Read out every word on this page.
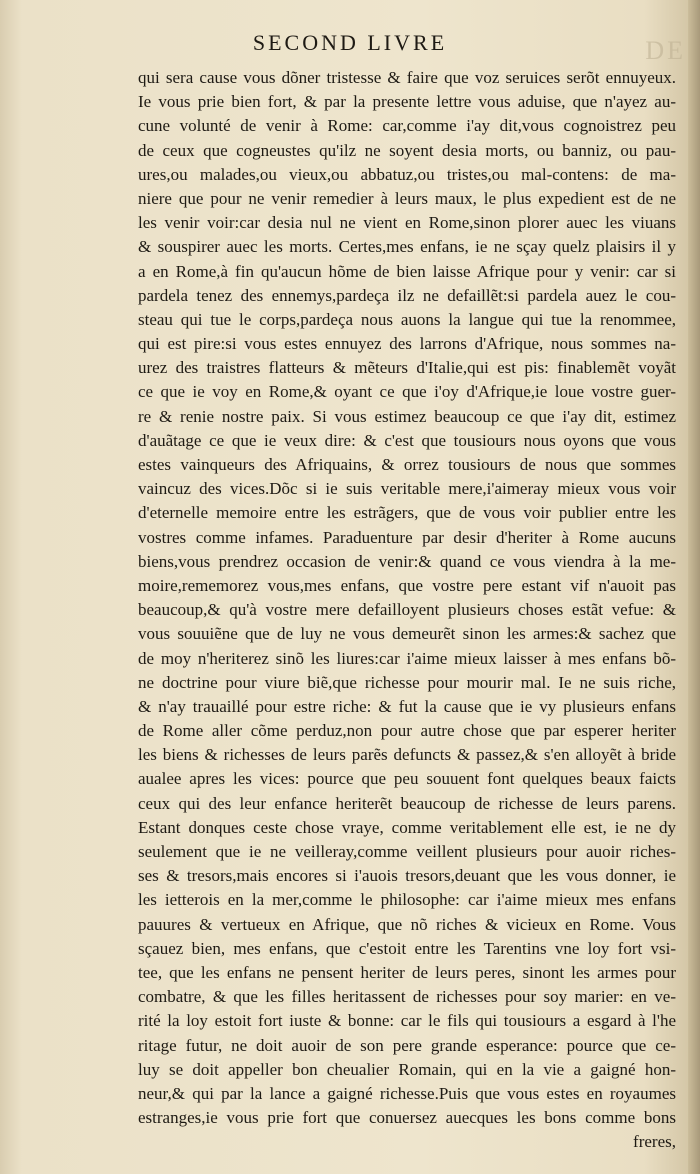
DE
SECOND LIVRE
qui sera cause vous dõner tristesse & faire que voz seruices serõt ennuyeux.
Ie vous prie bien fort, & par la presente lettre vous aduise, que n'ayez au-
cune volunté de venir à Rome: car,comme i'ay dit,vous cognoistrez peu
de ceux que cogneustes qu'ilz ne soyent desia morts, ou banniz, ou pau-
ures,ou malades,ou vieux,ou abbatuz,ou tristes,ou mal-contens: de ma-
niere que pour ne venir remedier à leurs maux, le plus expedient est de ne
les venir voir:car desia nul ne vient en Rome,sinon plorer auec les viuans
& souspirer auec les morts. Certes,mes enfans, ie ne sçay quelz plaisirs il y
a en Rome,à fin qu'aucun hõme de bien laisse Afrique pour y venir: car si
pardela tenez des ennemys,pardeça ilz ne defaillẽt:si pardela auez le cou-
steau qui tue le corps,pardeça nous auons la langue qui tue la renommee,
qui est pire:si vous estes ennuyez des larrons d'Afrique, nous sommes na-
urez des traistres flatteurs & mẽteurs d'Italie,qui est pis: finablemẽt voyãt
ce que ie voy en Rome,& oyant ce que i'oy d'Afrique,ie loue vostre guer-
re & renie nostre paix. Si vous estimez beaucoup ce que i'ay dit, estimez
d'auãtage ce que ie veux dire: & c'est que tousiours nous oyons que vous
estes vainqueurs des Afriquains, & orrez tousiours de nous que sommes
vaincuz des vices.Dõc si ie suis veritable mere,i'aimeray mieux vous voir
d'eternelle memoire entre les estrãgers, que de vous voir publier entre les
vostres comme infames. Paraduenture par desir d'heriter à Rome aucuns
biens,vous prendrez occasion de venir:& quand ce vous viendra à la me-
moire,rememorez vous,mes enfans, que vostre pere estant vif n'auoit pas
beaucoup,& qu'à vostre mere defailloyent plusieurs choses estãt vefue: &
vous souuiẽne que de luy ne vous demeurẽt sinon les armes:& sachez que
de moy n'heriterez sinõ les liures:car i'aime mieux laisser à mes enfans bõ-
ne doctrine pour viure biẽ,que richesse pour mourir mal. Ie ne suis riche,
& n'ay trauaillé pour estre riche: & fut la cause que ie vy plusieurs enfans
de Rome aller cõme perduz,non pour autre chose que par esperer heriter
les biens & richesses de leurs parẽs defuncts & passez,& s'en alloyẽt à bride
aualee apres les vices: pource que peu souuent font quelques beaux faicts
ceux qui des leur enfance heriterẽt beaucoup de richesse de leurs parens.
Estant donques ceste chose vraye, comme veritablement elle est, ie ne dy
seulement que ie ne veilleray,comme veillent plusieurs pour auoir riches-
ses & tresors,mais encores si i'auois tresors,deuant que les vous donner, ie
les ietterois en la mer,comme le philosophe: car i'aime mieux mes enfans
pauures & vertueux en Afrique, que nõ riches & vicieux en Rome. Vous
sçauez bien, mes enfans, que c'estoit entre les Tarentins vne loy fort vsi-
tee, que les enfans ne pensent heriter de leurs peres, sinont les armes pour
combatre, & que les filles heritassent de richesses pour soy marier: en ve-
rité la loy estoit fort iuste & bonne: car le fils qui tousiours a esgard à l'he
ritage futur, ne doit auoir de son pere grande esperance: pource que ce-
luy se doit appeller bon cheualier Romain, qui en la vie a gaigné hon-
neur,& qui par la lance a gaigné richesse.Puis que vous estes en royaumes
estranges,ie vous prie fort que conuersez auecques les bons comme bons
freres,
